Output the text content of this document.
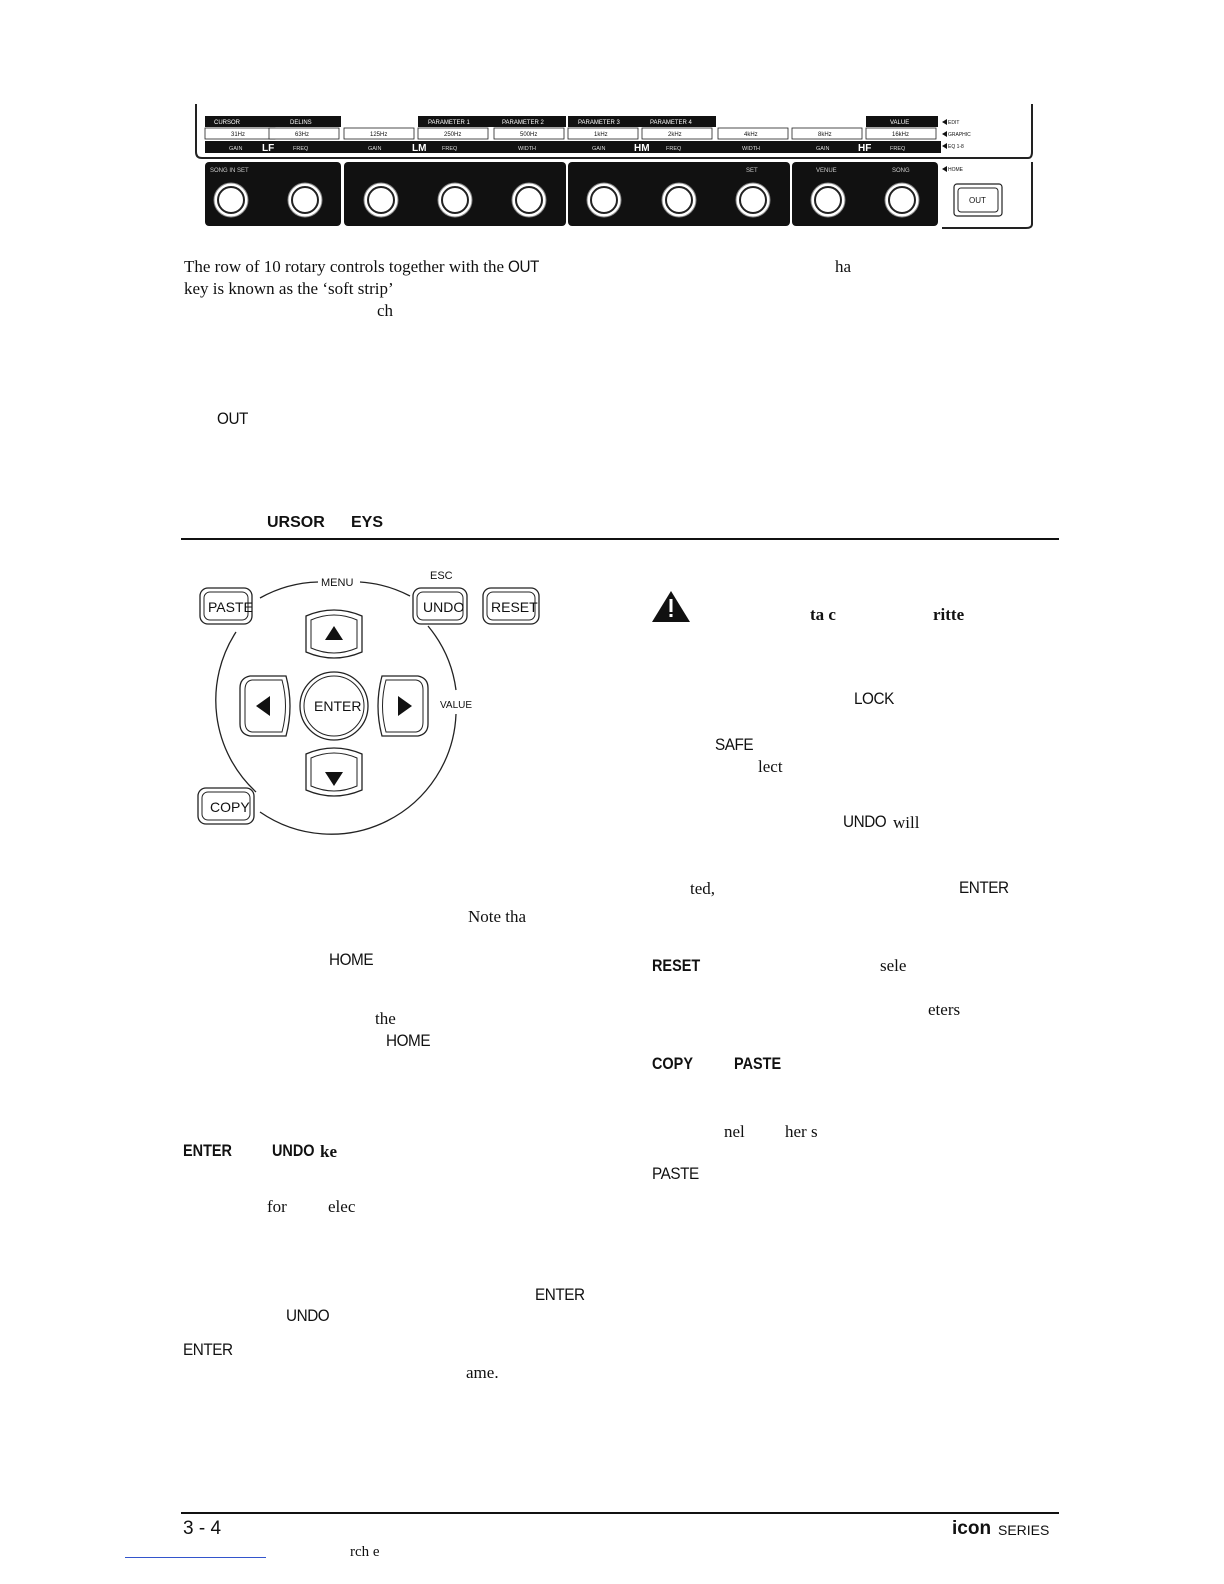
CURSOR	DELINS	PARAMETER 1	PARAMETER 2	PARAMETER 3	PARAMETER 4	VALUE
31Hz	63Hz	125Hz	250Hz	500Hz	1kHz	2kHz	4kHz	8kHz	16kHz
GAIN	FREQ	GAIN	FREQ	WIDTH	GAIN	FREQ	WIDTH	GAIN	FREQ
LF	LM	HM	HF
EDIT
GRAPHIC
EQ 1-8
HOME
SONG IN SET	SET	VENUE	SONG
OUT
The row of 10 rotary controls together with the OUT	ha
key is known as the ‘soft strip’
ch
OUT
URSOR EYS
MENU
ESC
VALUE
PASTE	UNDO RESET
ENTER
COPY
Note tha
HOME
the
HOME
ENTER UNDO ke
for elec
ENTER
UNDO
ENTER
ame.
ta c	ritte
LOCK
SAFE
lect
UNDO will
ted,	ENTER
RESET	sele
eters
COPY PASTE
nel her s
PASTE
3 - 4	icon SERIES
rch e
